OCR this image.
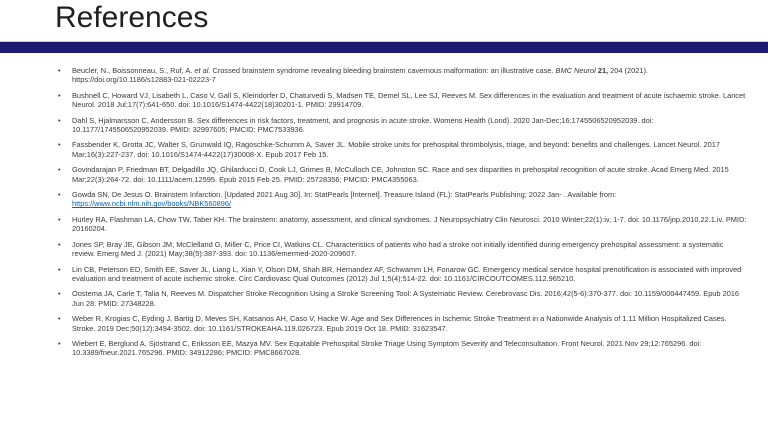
References
• Beucler, N., Boissonneau, S., Ruf, A. et al. Crossed brainstem syndrome revealing bleeding brainstem cavernous malformation: an illustrative case. BMC Neurol 21, 204 (2021). https://doi.org/10.1186/s12883-021-02223-7
• Bushnell C, Howard VJ, Lisabeth L, Caso V, Gall S, Kleindorfer D, Chaturvedi S, Madsen TE, Demel SL, Lee SJ, Reeves M. Sex differences in the evaluation and treatment of acute ischaemic stroke. Lancet Neurol. 2018 Jul;17(7):641-650. doi: 10.1016/S1474-4422(18)30201-1. PMID: 29914709.
• Dahl S, Hjalmarsson C, Andersson B. Sex differences in risk factors, treatment, and prognosis in acute stroke. Womens Health (Lond). 2020 Jan-Dec;16:1745506520952039. doi: 10.1177/1745506520952039. PMID: 32997605; PMCID: PMC7533936.
• Fassbender K, Grotta JC, Walter S, Grunwald IQ, Ragoschke-Schumm A, Saver JL. Mobile stroke units for prehospital thrombolysis, triage, and beyond: benefits and challenges. Lancet Neurol. 2017 Mar;16(3):227-237. doi: 10.1016/S1474-4422(17)30008-X. Epub 2017 Feb 15.
• Govindarajan P, Friedman BT, Delgadillo JQ, Ghilarducci D, Cook LJ, Grimes B, McCulloch CE, Johnston SC. Race and sex disparities in prehospital recognition of acute stroke. Acad Emerg Med. 2015 Mar;22(3):264-72. doi: 10.1111/acem.12595. Epub 2015 Feb 25. PMID: 25728356; PMCID: PMC4355063.
• Gowda SN, De Jesus O. Brainstem Infarction. [Updated 2021 Aug 30]. In: StatPearls [Internet]. Treasure Island (FL): StatPearls Publishing; 2022 Jan- . Available from: https://www.ncbi.nlm.nih.gov/books/NBK560896/
• Hurley RA, Flashman LA, Chow TW, Taber KH. The brainstem: anatomy, assessment, and clinical syndromes. J Neuropsychiatry Clin Neurosci. 2010 Winter;22(1):iv, 1-7. doi: 10.1176/jnp.2010.22.1.iv. PMID: 20160204.
• Jones SP, Bray JE, Gibson JM, McClelland G, Miller C, Price CI, Watkins CL. Characteristics of patients who had a stroke not initially identified during emergency prehospital assessment: a systematic review. Emerg Med J. (2021) May;38(5):387-393. doi: 10.1136/emermed-2020-209607.
• Lin CB, Peterson ED, Smith EE, Saver JL, Liang L, Xian Y, Olson DM, Shah BR, Hernandez AF, Schwamm LH, Fonarow GC. Emergency medical service hospital prenotification is associated with improved evaluation and treatment of acute ischemic stroke. Circ Cardiovasc Qual Outcomes (2012) Jul 1;5(4):514-22. doi: 10.1161/CIRCOUTCOMES.112.965210.
• Oostema JA, Carle T, Talia N, Reeves M. Dispatcher Stroke Recognition Using a Stroke Screening Tool: A Systematic Review. Cerebrovasc Dis. 2016;42(5-6):370-377. doi: 10.1159/000447459. Epub 2016 Jun 28. PMID: 27348228.
• Weber R, Krogias C, Eyding J, Bartig D, Meves SH, Katsanos AH, Caso V, Hacke W. Age and Sex Differences in Ischemic Stroke Treatment in a Nationwide Analysis of 1.11 Million Hospitalized Cases. Stroke. 2019 Dec;50(12):3494-3502. doi: 10.1161/STROKEAHA.119.026723. Epub 2019 Oct 18. PMID: 31623547.
• Wiebert E, Berglund A, Sjöstrand C, Eriksson EE, Mazya MV. Sex Equitable Prehospital Stroke Triage Using Symptom Severity and Teleconsultation. Front Neurol. 2021 Nov 29;12:765296. doi: 10.3389/fneur.2021.765296. PMID: 34912286; PMCID: PMC8667028.
